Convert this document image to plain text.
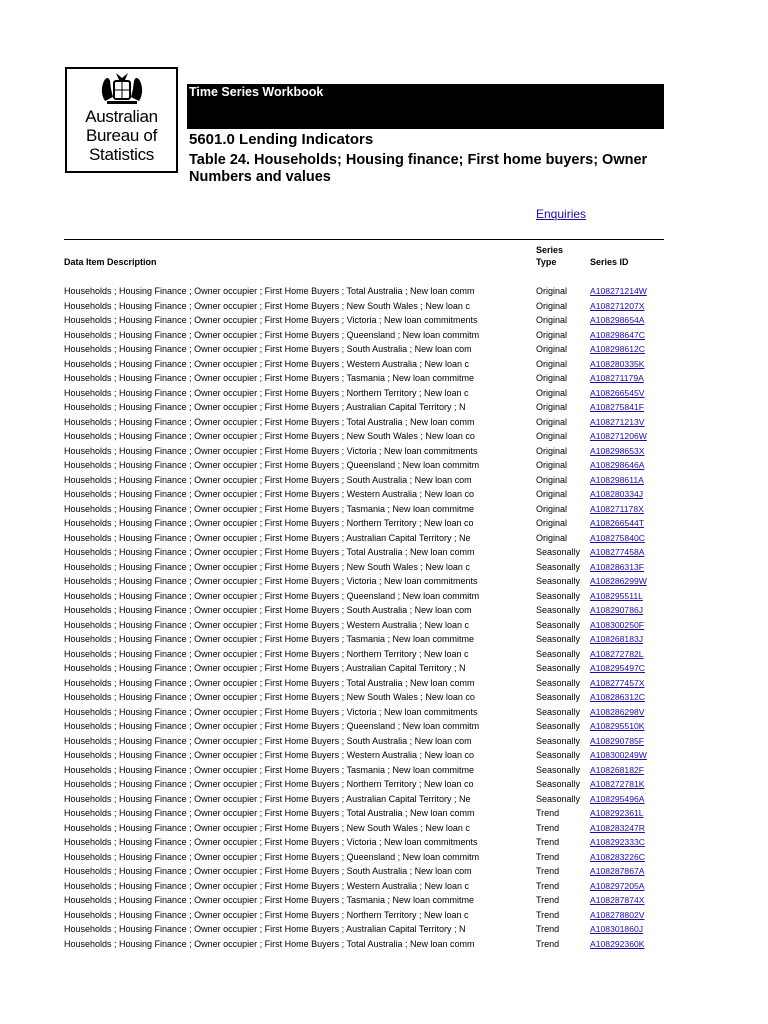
Australian
Bureau of
Statistics
Time Series Workbook
5601.0 Lending Indicators
Table 24. Households; Housing finance; First home buyers; Owner
Numbers and values
Enquiries
Data Item Description
Series
Type	Series ID
Households ; Housing Finance ; Owner occupier ; First Home Buyers ; Total Australia ; New loan comm	Original	A108271214W
Households ; Housing Finance ; Owner occupier ; First Home Buyers ; New South Wales ; New loan c	Original	A108271207X
Households ; Housing Finance ; Owner occupier ; First Home Buyers ; Victoria ; New loan commitments	Original	A108298654A
Households ; Housing Finance ; Owner occupier ; First Home Buyers ; Queensland ; New loan commitm	Original	A108298647C
Households ; Housing Finance ; Owner occupier ; First Home Buyers ; South Australia ; New loan com	Original	A108298612C
Households ; Housing Finance ; Owner occupier ; First Home Buyers ; Western Australia ; New loan c	Original	A108280335K
Households ; Housing Finance ; Owner occupier ; First Home Buyers ; Tasmania ; New loan commitme	Original	A108271179A
Households ; Housing Finance ; Owner occupier ; First Home Buyers ; Northern Territory ; New loan c	Original	A108266545V
Households ; Housing Finance ; Owner occupier ; First Home Buyers ; Australian Capital Territory ; N	Original	A108275841F
Households ; Housing Finance ; Owner occupier ; First Home Buyers ; Total Australia ; New loan comm	Original	A108271213V
Households ; Housing Finance ; Owner occupier ; First Home Buyers ; New South Wales ; New loan co	Original	A108271206W
Households ; Housing Finance ; Owner occupier ; First Home Buyers ; Victoria ; New loan commitments	Original	A108298653X
Households ; Housing Finance ; Owner occupier ; First Home Buyers ; Queensland ; New loan commitm	Original	A108298646A
Households ; Housing Finance ; Owner occupier ; First Home Buyers ; South Australia ; New loan com	Original	A108298611A
Households ; Housing Finance ; Owner occupier ; First Home Buyers ; Western Australia ; New loan co	Original	A108280334J
Households ; Housing Finance ; Owner occupier ; First Home Buyers ; Tasmania ; New loan commitme	Original	A108271178X
Households ; Housing Finance ; Owner occupier ; First Home Buyers ; Northern Territory ; New loan co	Original	A108266544T
Households ; Housing Finance ; Owner occupier ; First Home Buyers ; Australian Capital Territory ; Ne	Original	A108275840C
Households ; Housing Finance ; Owner occupier ; First Home Buyers ; Total Australia ; New loan comm	Seasonally	A108277458A
Households ; Housing Finance ; Owner occupier ; First Home Buyers ; New South Wales ; New loan c	Seasonally	A108286313F
Households ; Housing Finance ; Owner occupier ; First Home Buyers ; Victoria ; New loan commitments	Seasonally	A108286299W
Households ; Housing Finance ; Owner occupier ; First Home Buyers ; Queensland ; New loan commitm	Seasonally	A108295511L
Households ; Housing Finance ; Owner occupier ; First Home Buyers ; South Australia ; New loan com	Seasonally	A108290786J
Households ; Housing Finance ; Owner occupier ; First Home Buyers ; Western Australia ; New loan c	Seasonally	A108300250F
Households ; Housing Finance ; Owner occupier ; First Home Buyers ; Tasmania ; New loan commitme	Seasonally	A108268183J
Households ; Housing Finance ; Owner occupier ; First Home Buyers ; Northern Territory ; New loan c	Seasonally	A108272782L
Households ; Housing Finance ; Owner occupier ; First Home Buyers ; Australian Capital Territory ; N	Seasonally	A108295497C
Households ; Housing Finance ; Owner occupier ; First Home Buyers ; Total Australia ; New loan comm	Seasonally	A108277457X
Households ; Housing Finance ; Owner occupier ; First Home Buyers ; New South Wales ; New loan co	Seasonally	A108286312C
Households ; Housing Finance ; Owner occupier ; First Home Buyers ; Victoria ; New loan commitments	Seasonally	A108286298V
Households ; Housing Finance ; Owner occupier ; First Home Buyers ; Queensland ; New loan commitm	Seasonally	A108295510K
Households ; Housing Finance ; Owner occupier ; First Home Buyers ; South Australia ; New loan com	Seasonally	A108290785F
Households ; Housing Finance ; Owner occupier ; First Home Buyers ; Western Australia ; New loan co	Seasonally	A108300249W
Households ; Housing Finance ; Owner occupier ; First Home Buyers ; Tasmania ; New loan commitme	Seasonally	A108268182F
Households ; Housing Finance ; Owner occupier ; First Home Buyers ; Northern Territory ; New loan co	Seasonally	A108272781K
Households ; Housing Finance ; Owner occupier ; First Home Buyers ; Australian Capital Territory ; Ne	Seasonally	A108295496A
Households ; Housing Finance ; Owner occupier ; First Home Buyers ; Total Australia ; New loan comm	Trend	A108292361L
Households ; Housing Finance ; Owner occupier ; First Home Buyers ; New South Wales ; New loan c	Trend	A108283247R
Households ; Housing Finance ; Owner occupier ; First Home Buyers ; Victoria ; New loan commitments	Trend	A108292333C
Households ; Housing Finance ; Owner occupier ; First Home Buyers ; Queensland ; New loan commitm	Trend	A108283226C
Households ; Housing Finance ; Owner occupier ; First Home Buyers ; South Australia ; New loan com	Trend	A108287867A
Households ; Housing Finance ; Owner occupier ; First Home Buyers ; Western Australia ; New loan c	Trend	A108297205A
Households ; Housing Finance ; Owner occupier ; First Home Buyers ; Tasmania ; New loan commitme	Trend	A108287874X
Households ; Housing Finance ; Owner occupier ; First Home Buyers ; Northern Territory ; New loan c	Trend	A108278802V
Households ; Housing Finance ; Owner occupier ; First Home Buyers ; Australian Capital Territory ; N	Trend	A108301860J
Households ; Housing Finance ; Owner occupier ; First Home Buyers ; Total Australia ; New loan comm	Trend	A108292360K
